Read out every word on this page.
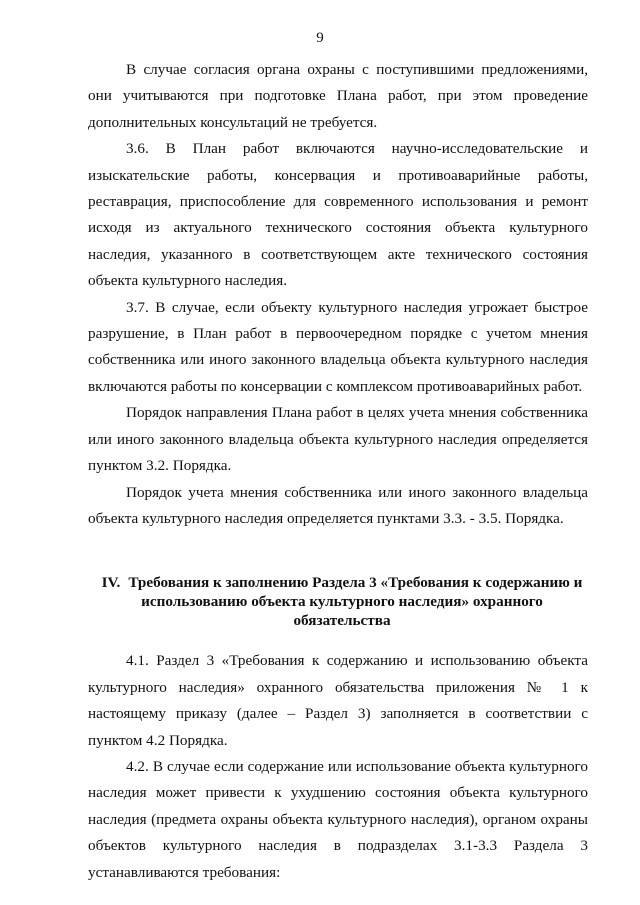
9

В случае согласия органа охраны с поступившими предложениями, они учитываются при подготовке Плана работ, при этом проведение дополнительных консультаций не требуется.

3.6. В План работ включаются научно-исследовательские и изыскательские работы, консервация и противоаварийные работы, реставрация, приспособление для современного использования и ремонт исходя из актуального технического состояния объекта культурного наследия, указанного в соответствующем акте технического состояния объекта культурного наследия.

3.7. В случае, если объекту культурного наследия угрожает быстрое разрушение, в План работ в первоочередном порядке с учетом мнения собственника или иного законного владельца объекта культурного наследия включаются работы по консервации с комплексом противоаварийных работ.

Порядок направления Плана работ в целях учета мнения собственника или иного законного владельца объекта культурного наследия определяется пунктом 3.2. Порядка.

Порядок учета мнения собственника или иного законного владельца объекта культурного наследия определяется пунктами 3.3. - 3.5. Порядка.

IV. Требования к заполнению Раздела 3 «Требования к содержанию и использованию объекта культурного наследия» охранного обязательства

4.1. Раздел 3 «Требования к содержанию и использованию объекта культурного наследия» охранного обязательства приложения № 1 к настоящему приказу (далее – Раздел 3) заполняется в соответствии с пунктом 4.2 Порядка.

4.2. В случае если содержание или использование объекта культурного наследия может привести к ухудшению состояния объекта культурного наследия (предмета охраны объекта культурного наследия), органом охраны объектов культурного наследия в подразделах 3.1-3.3 Раздела 3 устанавливаются требования:
